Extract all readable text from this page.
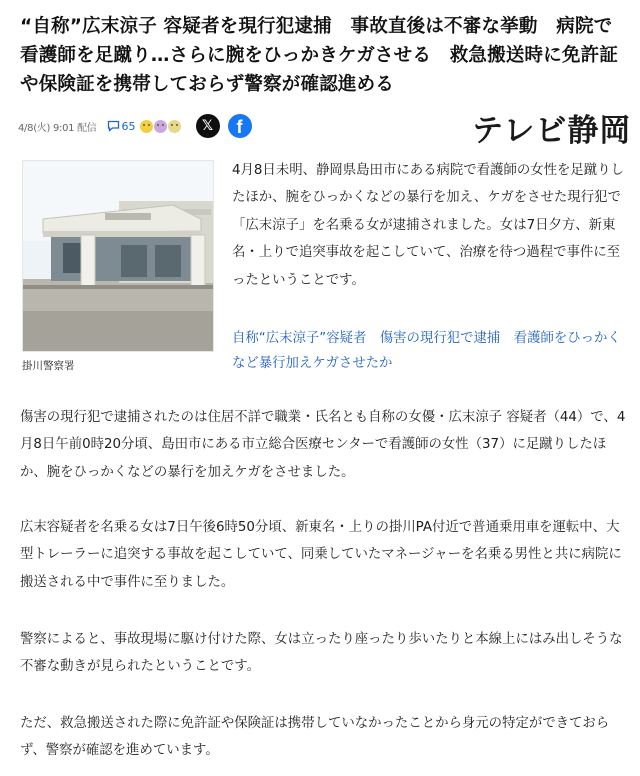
“自称”広末涼子 容疑者を現行犯逮捕　事故直後は不審な挙動　病院で看護師を足蹴り…さらに腕をひっかきケガさせる　救急搬送時に免許証や保険証を携帯しておらず警察が確認進める
4/8(火) 9:01 配信 65	𝕏 f	テレビ静岡
掛川警察署

4月8日未明、静岡県島田市にある病院で看護師の女性を足蹴りしたほか、腕をひっかくなどの暴行を加え、ケガをさせた現行犯で「広末涼子」を名乗る女が逮捕されました。女は7日夕方、新東名・上りで追突事故を起こしていて、治療を待つ過程で事件に至ったということです。

自称“広末涼子”容疑者　傷害の現行犯で逮捕　看護師をひっかくなど暴行加えケガさせたか

傷害の現行犯で逮捕されたのは住居不詳で職業・氏名とも自称の女優・広末涼子 容疑者（44）で、4月8日午前0時20分頃、島田市にある市立総合医療センターで看護師の女性（37）に足蹴りしたほか、腕をひっかくなどの暴行を加えケガをさせました。

広末容疑者を名乗る女は7日午後6時50分頃、新東名・上りの掛川PA付近で普通乗用車を運転中、大型トレーラーに追突する事故を起こしていて、同乗していたマネージャーを名乗る男性と共に病院に搬送される中で事件に至りました。

警察によると、事故現場に駆け付けた際、女は立ったり座ったり歩いたりと本線上にはみ出しそうな不審な動きが見られたということです。

ただ、救急搬送された際に免許証や保険証は携帯していなかったことから身元の特定ができておらず、警察が確認を進めています。
